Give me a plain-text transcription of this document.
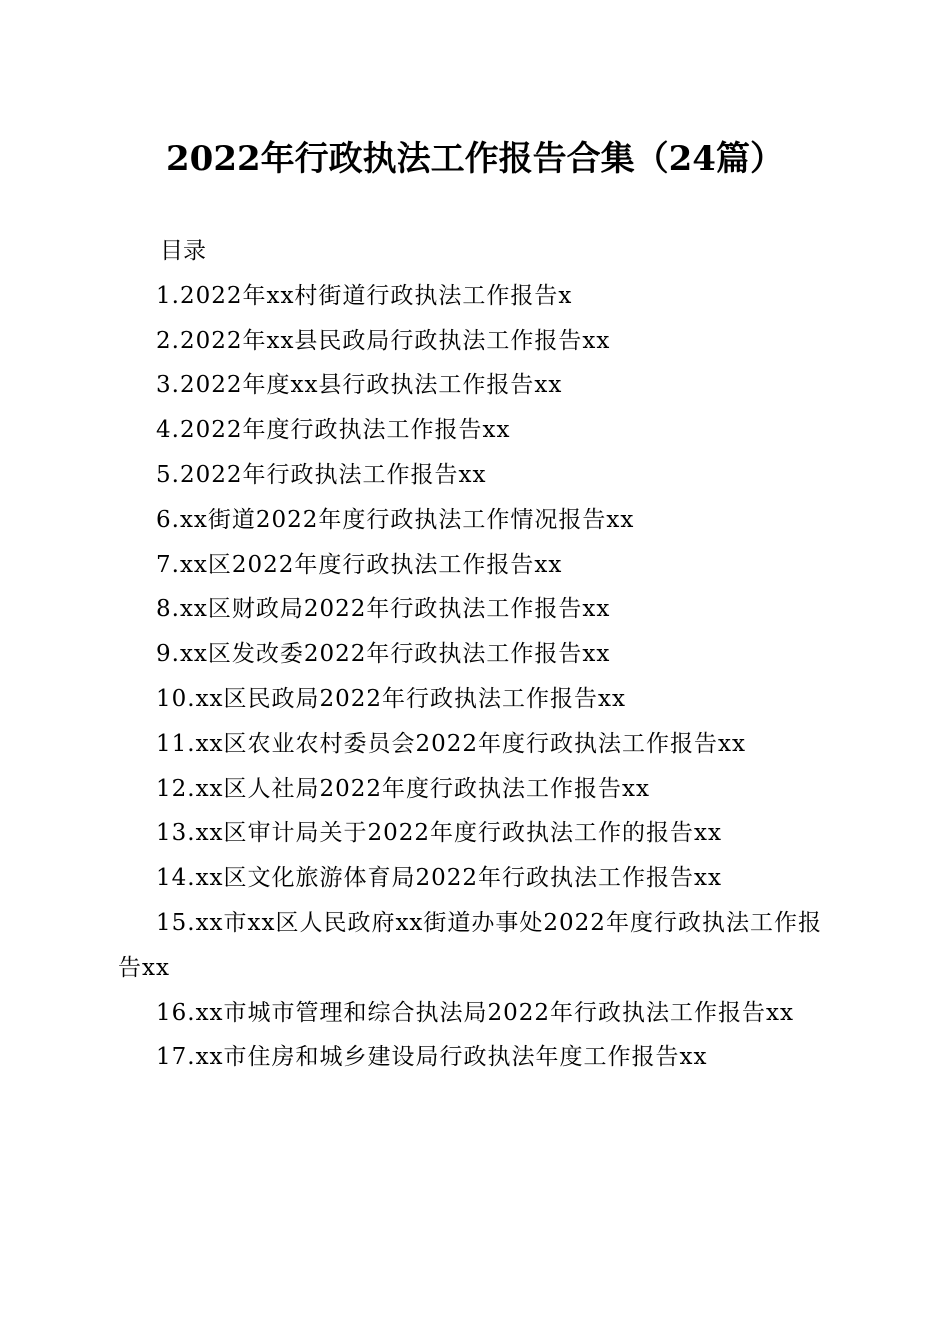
2022年行政执法工作报告合集（24篇）
目录
1.2022年xx村街道行政执法工作报告x
2.2022年xx县民政局行政执法工作报告xx
3.2022年度xx县行政执法工作报告xx
4.2022年度行政执法工作报告xx
5.2022年行政执法工作报告xx
6.xx街道2022年度行政执法工作情况报告xx
7.xx区2022年度行政执法工作报告xx
8.xx区财政局2022年行政执法工作报告xx
9.xx区发改委2022年行政执法工作报告xx
10.xx区民政局2022年行政执法工作报告xx
11.xx区农业农村委员会2022年度行政执法工作报告xx
12.xx区人社局2022年度行政执法工作报告xx
13.xx区审计局关于2022年度行政执法工作的报告xx
14.xx区文化旅游体育局2022年行政执法工作报告xx
15.xx市xx区人民政府xx街道办事处2022年度行政执法工作报告xx
16.xx市城市管理和综合执法局2022年行政执法工作报告xx
17.xx市住房和城乡建设局行政执法年度工作报告xx
